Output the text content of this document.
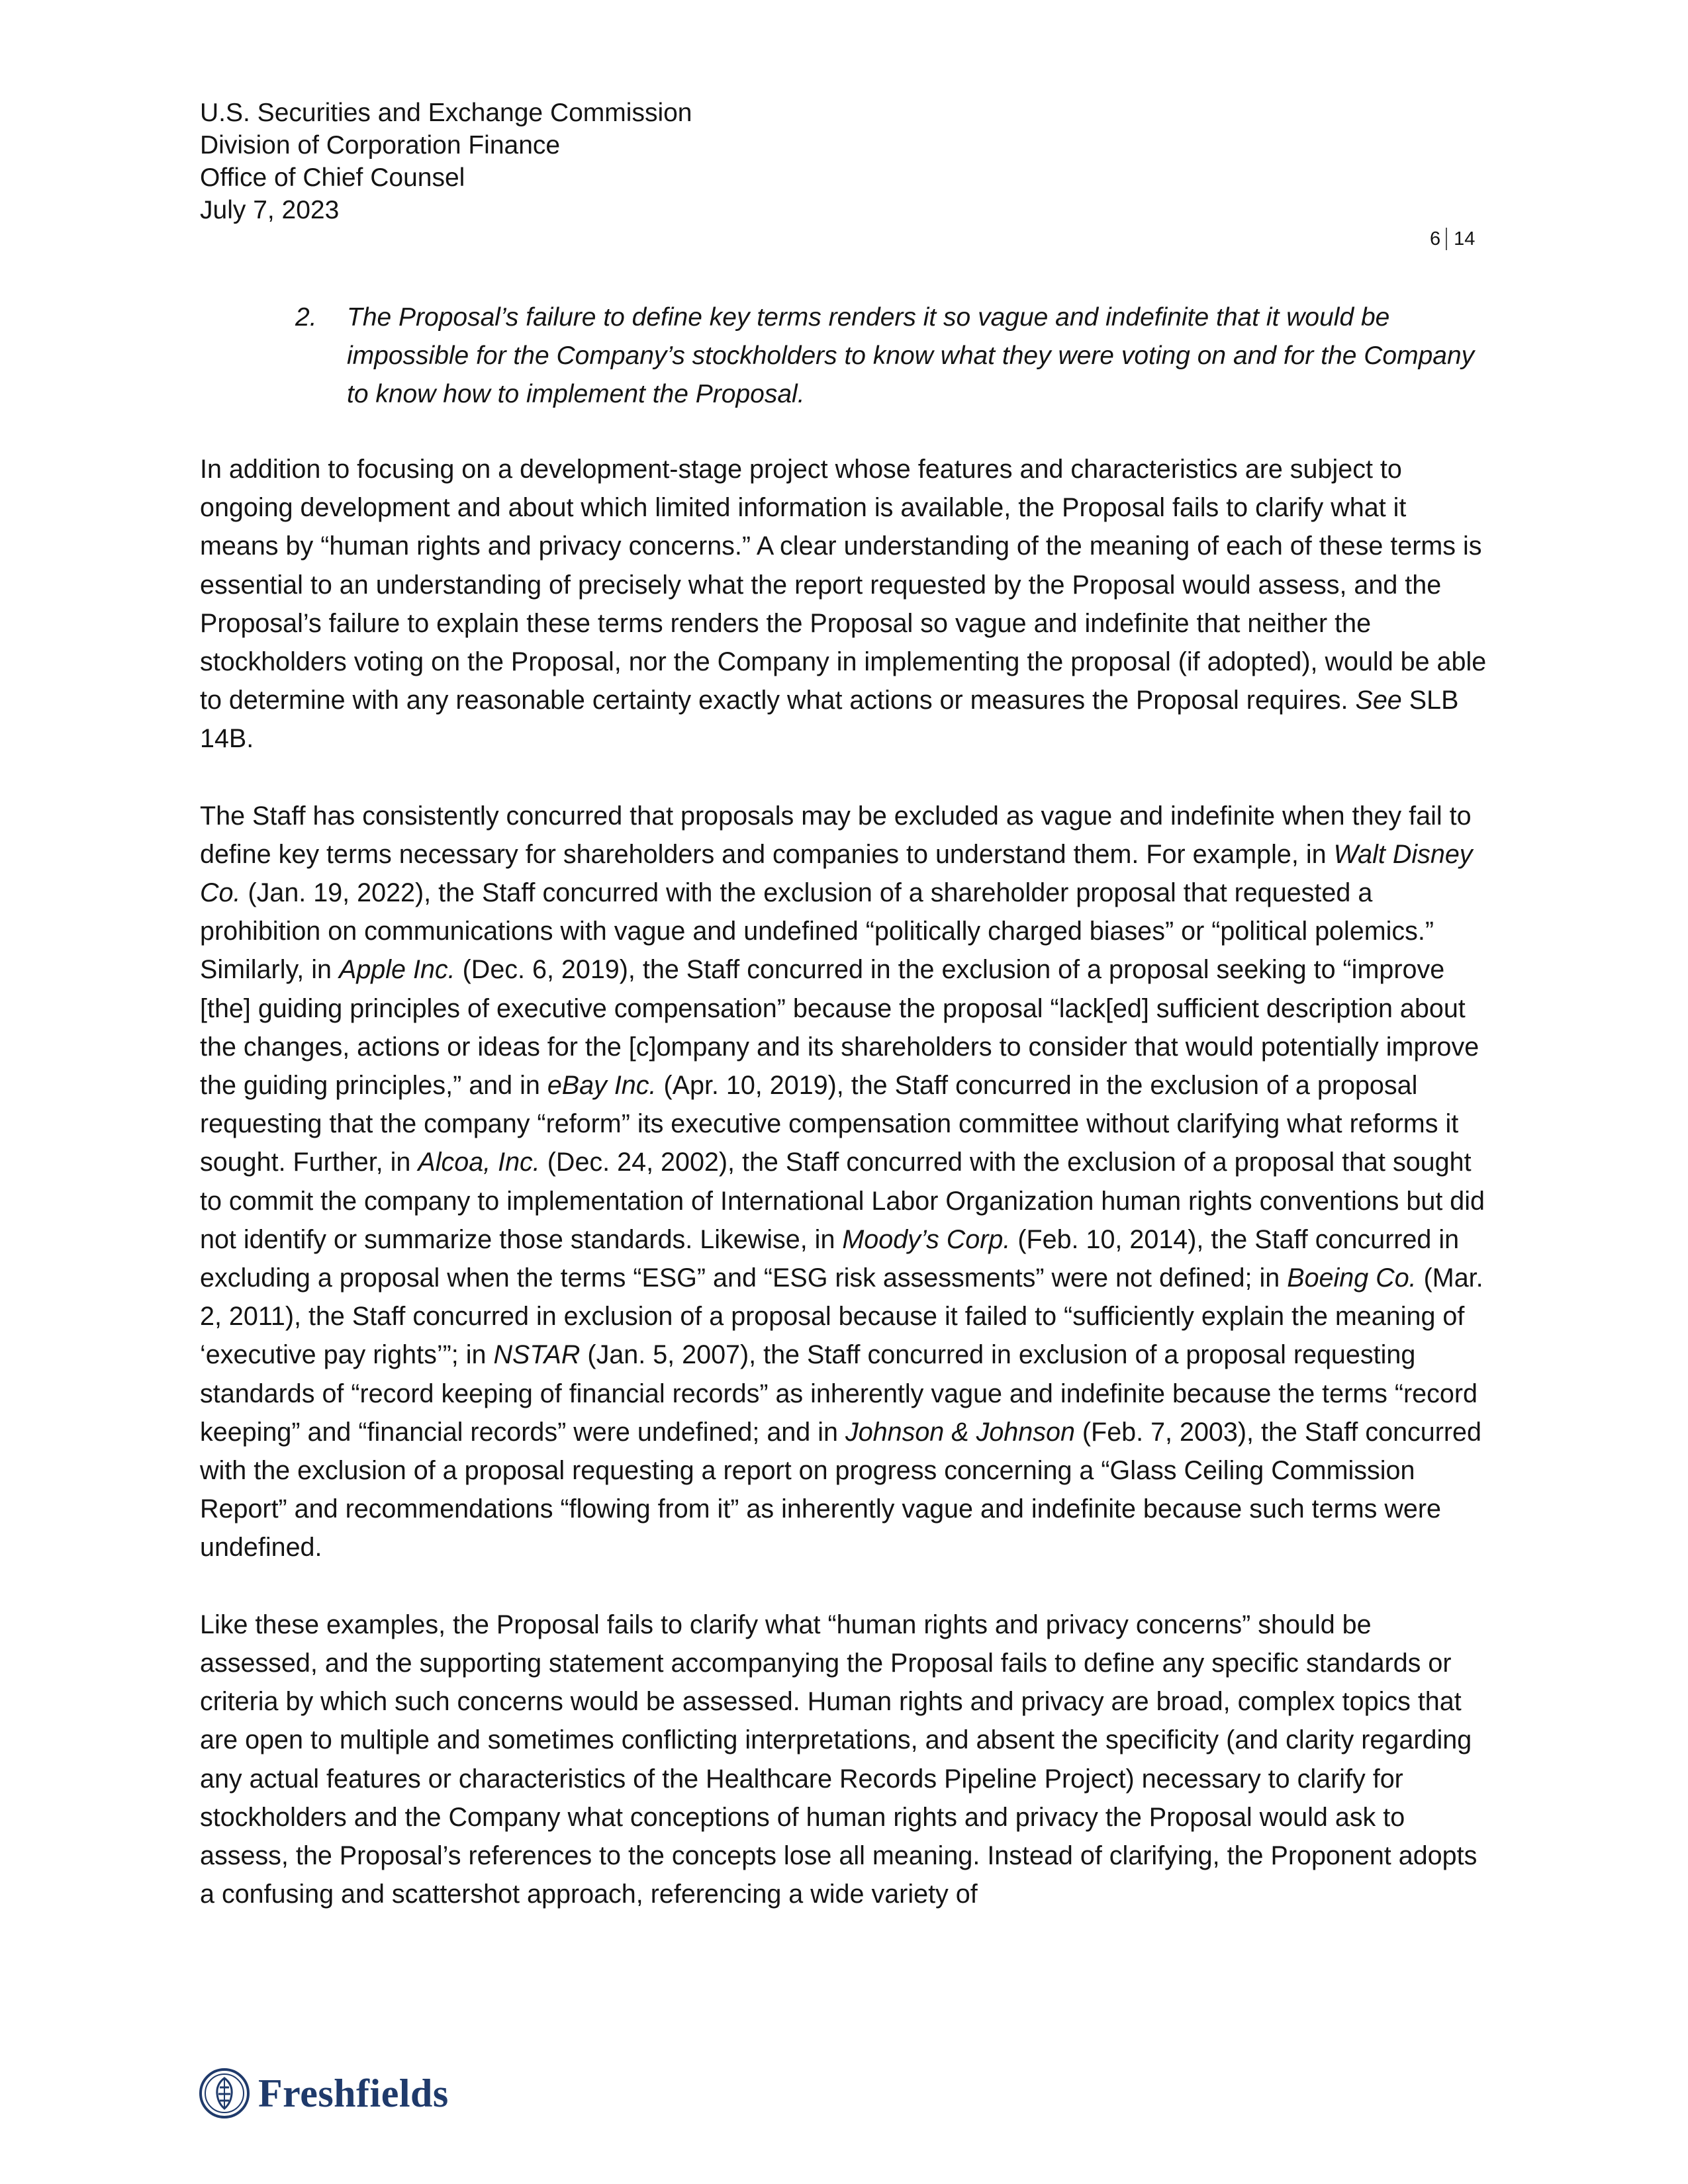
U.S. Securities and Exchange Commission
Division of Corporation Finance
Office of Chief Counsel
July 7, 2023
6 14
2. The Proposal’s failure to define key terms renders it so vague and indefinite that it would be impossible for the Company’s stockholders to know what they were voting on and for the Company to know how to implement the Proposal.

In addition to focusing on a development-stage project whose features and characteristics are subject to ongoing development and about which limited information is available, the Proposal fails to clarify what it means by “human rights and privacy concerns.” A clear understanding of the meaning of each of these terms is essential to an understanding of precisely what the report requested by the Proposal would assess, and the Proposal’s failure to explain these terms renders the Proposal so vague and indefinite that neither the stockholders voting on the Proposal, nor the Company in implementing the proposal (if adopted), would be able to determine with any reasonable certainty exactly what actions or measures the Proposal requires. See SLB 14B.

The Staff has consistently concurred that proposals may be excluded as vague and indefinite when they fail to define key terms necessary for shareholders and companies to understand them. For example, in Walt Disney Co. (Jan. 19, 2022), the Staff concurred with the exclusion of a shareholder proposal that requested a prohibition on communications with vague and undefined “politically charged biases” or “political polemics.” Similarly, in Apple Inc. (Dec. 6, 2019), the Staff concurred in the exclusion of a proposal seeking to “improve [the] guiding principles of executive compensation” because the proposal “lack[ed] sufficient description about the changes, actions or ideas for the [c]ompany and its shareholders to consider that would potentially improve the guiding principles,” and in eBay Inc. (Apr. 10, 2019), the Staff concurred in the exclusion of a proposal requesting that the company “reform” its executive compensation committee without clarifying what reforms it sought. Further, in Alcoa, Inc. (Dec. 24, 2002), the Staff concurred with the exclusion of a proposal that sought to commit the company to implementation of International Labor Organization human rights conventions but did not identify or summarize those standards. Likewise, in Moody’s Corp. (Feb. 10, 2014), the Staff concurred in excluding a proposal when the terms “ESG” and “ESG risk assessments” were not defined; in Boeing Co. (Mar. 2, 2011), the Staff concurred in exclusion of a proposal because it failed to “sufficiently explain the meaning of ‘executive pay rights’”; in NSTAR (Jan. 5, 2007), the Staff concurred in exclusion of a proposal requesting standards of “record keeping of financial records” as inherently vague and indefinite because the terms “record keeping” and “financial records” were undefined; and in Johnson & Johnson (Feb. 7, 2003), the Staff concurred with the exclusion of a proposal requesting a report on progress concerning a “Glass Ceiling Commission Report” and recommendations “flowing from it” as inherently vague and indefinite because such terms were undefined.

Like these examples, the Proposal fails to clarify what “human rights and privacy concerns” should be assessed, and the supporting statement accompanying the Proposal fails to define any specific standards or criteria by which such concerns would be assessed. Human rights and privacy are broad, complex topics that are open to multiple and sometimes conflicting interpretations, and absent the specificity (and clarity regarding any actual features or characteristics of the Healthcare Records Pipeline Project) necessary to clarify for stockholders and the Company what conceptions of human rights and privacy the Proposal would ask to assess, the Proposal’s references to the concepts lose all meaning. Instead of clarifying, the Proponent adopts a confusing and scattershot approach, referencing a wide variety of

Freshfields
